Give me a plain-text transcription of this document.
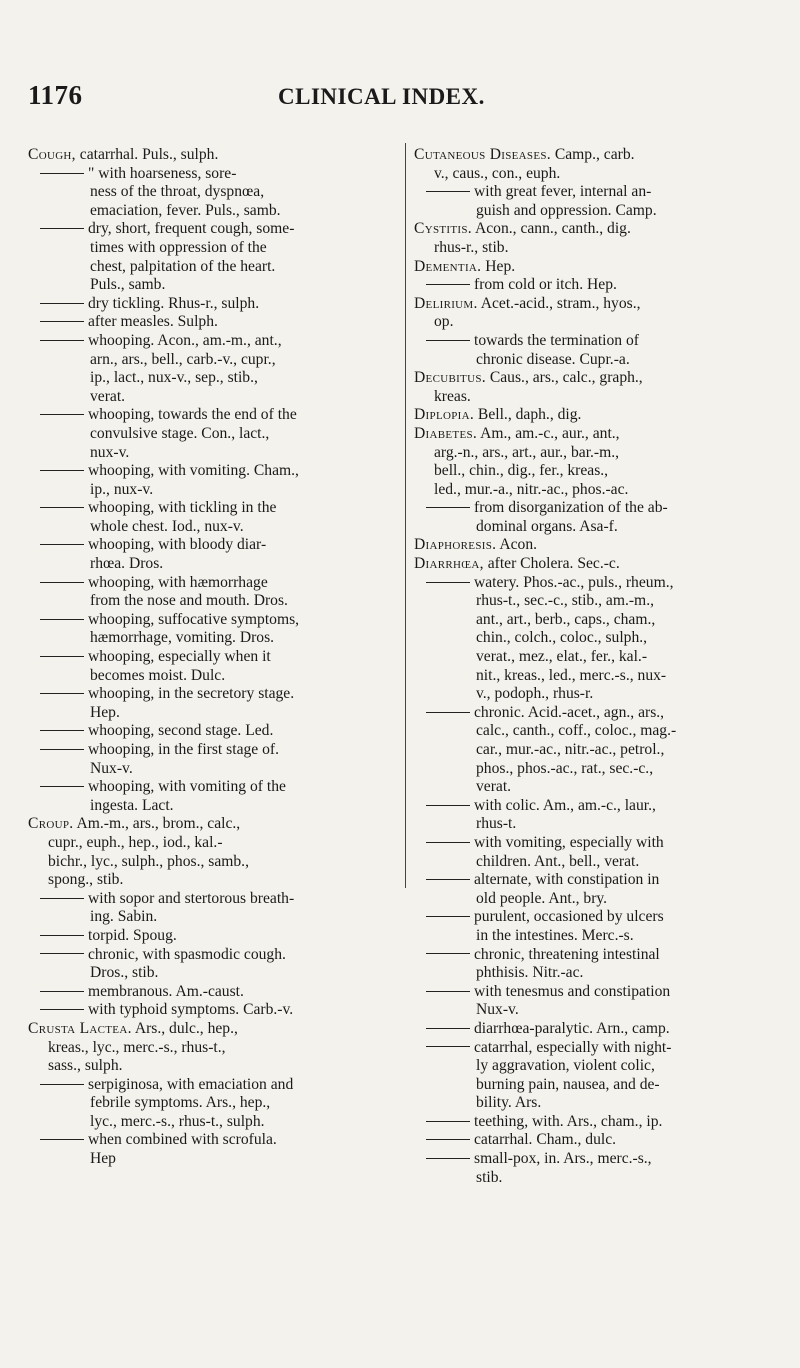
1176	CLINICAL INDEX.
Cough, catarrhal. Puls., sulph.
" with hoarseness, sore-
ness of the throat, dyspnœa,
emaciation, fever. Puls., samb.
dry, short, frequent cough, some-
times with oppression of the
chest, palpitation of the heart.
Puls., samb.
dry tickling. Rhus-r., sulph.
after measles. Sulph.
whooping. Acon., am.-m., ant.,
arn., ars., bell., carb.-v., cupr.,
ip., lact., nux-v., sep., stib.,
verat.
whooping, towards the end of the
convulsive stage. Con., lact.,
nux-v.
whooping, with vomiting. Cham.,
ip., nux-v.
whooping, with tickling in the
whole chest. Iod., nux-v.
whooping, with bloody diar-
rhœa. Dros.
whooping, with hæmorrhage
from the nose and mouth. Dros.
whooping, suffocative symptoms,
hæmorrhage, vomiting. Dros.
whooping, especially when it
becomes moist. Dulc.
whooping, in the secretory stage.
Hep.
whooping, second stage. Led.
whooping, in the first stage of.
Nux-v.
whooping, with vomiting of the
ingesta. Lact.
Croup. Am.-m., ars., brom., calc.,
cupr., euph., hep., iod., kal.-
bichr., lyc., sulph., phos., samb.,
spong., stib.
with sopor and stertorous breath-
ing. Sabin.
torpid. Spoug.
chronic, with spasmodic cough.
Dros., stib.
membranous. Am.-caust.
with typhoid symptoms. Carb.-v.
Crusta Lactea. Ars., dulc., hep.,
kreas., lyc., merc.-s., rhus-t.,
sass., sulph.
serpiginosa, with emaciation and
febrile symptoms. Ars., hep.,
lyc., merc.-s., rhus-t., sulph.
when combined with scrofula.
Hep
Cutaneous Diseases. Camp., carb.
v., caus., con., euph.
with great fever, internal an-
guish and oppression. Camp.
Cystitis. Acon., cann., canth., dig.
rhus-r., stib.
Dementia. Hep.
from cold or itch. Hep.
Delirium. Acet.-acid., stram., hyos.,
op.
towards the termination of
chronic disease. Cupr.-a.
Decubitus. Caus., ars., calc., graph.,
kreas.
Diplopia. Bell., daph., dig.
Diabetes. Am., am.-c., aur., ant.,
arg.-n., ars., art., aur., bar.-m.,
bell., chin., dig., fer., kreas.,
led., mur.-a., nitr.-ac., phos.-ac.
from disorganization of the ab-
dominal organs. Asa-f.
Diaphoresis. Acon.
Diarrhœa, after Cholera. Sec.-c.
watery. Phos.-ac., puls., rheum.,
rhus-t., sec.-c., stib., am.-m.,
ant., art., berb., caps., cham.,
chin., colch., coloc., sulph.,
verat., mez., elat., fer., kal.-
nit., kreas., led., merc.-s., nux-
v., podoph., rhus-r.
chronic. Acid.-acet., agn., ars.,
calc., canth., coff., coloc., mag.-
car., mur.-ac., nitr.-ac., petrol.,
phos., phos.-ac., rat., sec.-c.,
verat.
with colic. Am., am.-c., laur.,
rhus-t.
with vomiting, especially with
children. Ant., bell., verat.
alternate, with constipation in
old people. Ant., bry.
purulent, occasioned by ulcers
in the intestines. Merc.-s.
chronic, threatening intestinal
phthisis. Nitr.-ac.
with tenesmus and constipation
Nux-v.
diarrhœa-paralytic. Arn., camp.
catarrhal, especially with night-
ly aggravation, violent colic,
burning pain, nausea, and de-
bility. Ars.
teething, with. Ars., cham., ip.
catarrhal. Cham., dulc.
small-pox, in. Ars., merc.-s.,
stib.
